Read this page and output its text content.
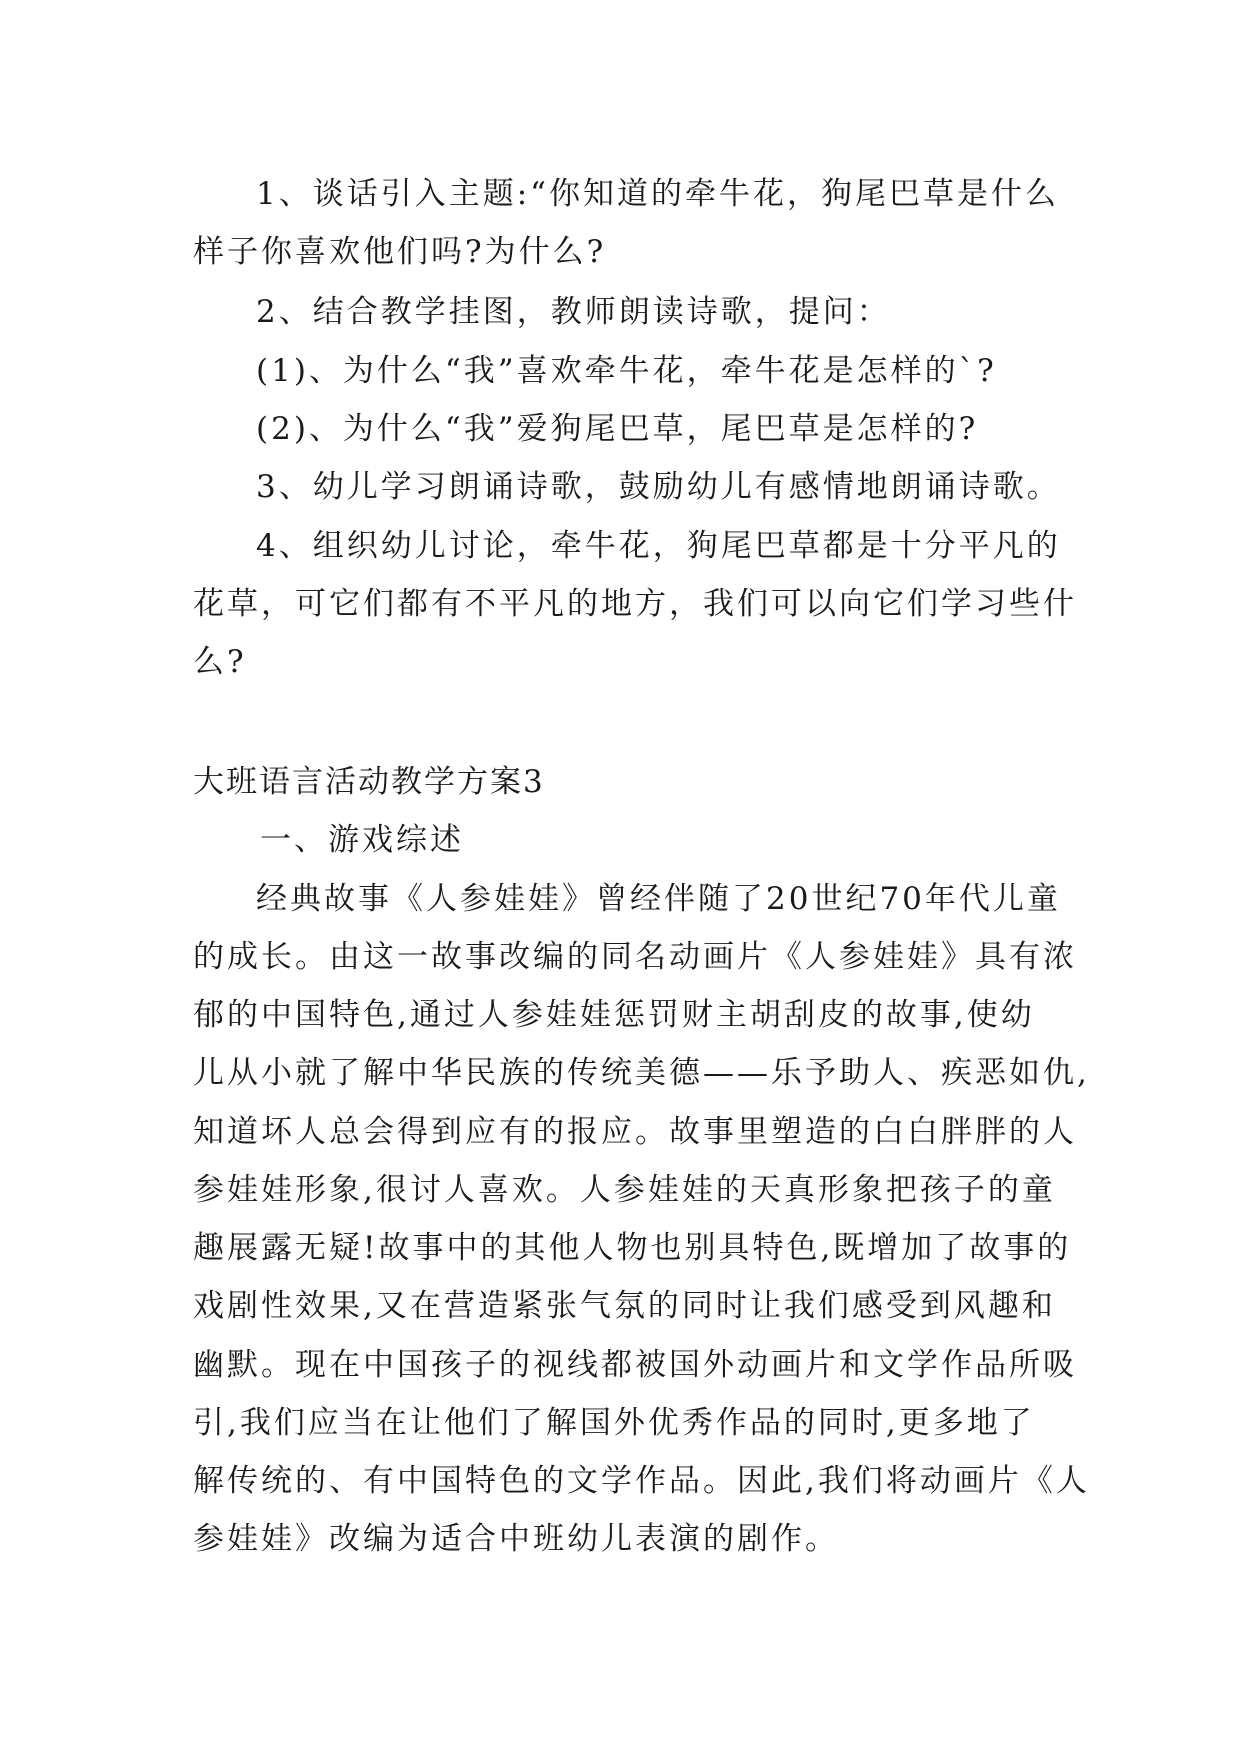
1、谈话引入主题:“你知道的牵牛花，狗尾巴草是什么
样子你喜欢他们吗?为什么?
2、结合教学挂图，教师朗读诗歌，提问：
(1)、为什么“我”喜欢牵牛花，牵牛花是怎样的`?
(2)、为什么“我”爱狗尾巴草，尾巴草是怎样的?
3、幼儿学习朗诵诗歌，鼓励幼儿有感情地朗诵诗歌。
4、组织幼儿讨论，牵牛花，狗尾巴草都是十分平凡的
花草，可它们都有不平凡的地方，我们可以向它们学习些什
么?
大班语言活动教学方案3
一、游戏综述
经典故事《人参娃娃》曾经伴随了20世纪70年代儿童
的成长。由这一故事改编的同名动画片《人参娃娃》具有浓
郁的中国特色,通过人参娃娃惩罚财主胡刮皮的故事,使幼
儿从小就了解中华民族的传统美德——乐予助人、疾恶如仇,
知道坏人总会得到应有的报应。故事里塑造的白白胖胖的人
参娃娃形象,很讨人喜欢。人参娃娃的天真形象把孩子的童
趣展露无疑!故事中的其他人物也别具特色,既增加了故事的
戏剧性效果,又在营造紧张气氛的同时让我们感受到风趣和
幽默。现在中国孩子的视线都被国外动画片和文学作品所吸
引,我们应当在让他们了解国外优秀作品的同时,更多地了
解传统的、有中国特色的文学作品。因此,我们将动画片《人
参娃娃》改编为适合中班幼儿表演的剧作。
